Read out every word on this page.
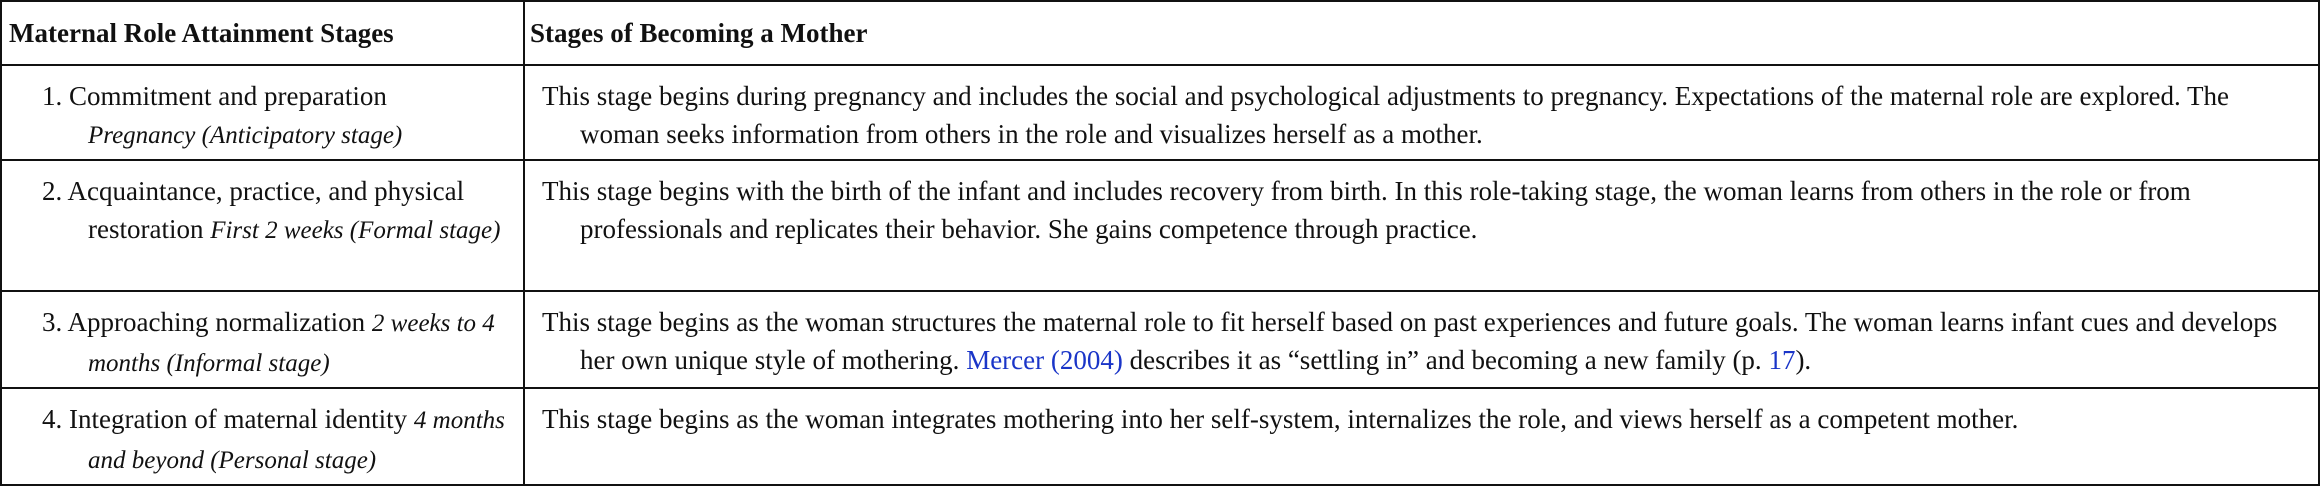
Maternal Role Attainment Stages	Stages of Becoming a Mother

1. Commitment and preparation
Pregnancy (Anticipatory stage)	This stage begins during pregnancy and includes the social and psychological adjustments to pregnancy. Expectations of the maternal role are explored. The woman seeks information from others in the role and visualizes herself as a mother.

2. Acquaintance, practice, and physical restoration First 2 weeks (Formal stage)	This stage begins with the birth of the infant and includes recovery from birth. In this role-taking stage, the woman learns from others in the role or from professionals and replicates their behavior. She gains competence through practice.

3. Approaching normalization 2 weeks to 4 months (Informal stage)	This stage begins as the woman structures the maternal role to fit herself based on past experiences and future goals. The woman learns infant cues and develops her own unique style of mothering. Mercer (2004) describes it as “settling in” and becoming a new family (p. 17).

4. Integration of maternal identity 4 months and beyond (Personal stage)	This stage begins as the woman integrates mothering into her self-system, internalizes the role, and views herself as a competent mother.
